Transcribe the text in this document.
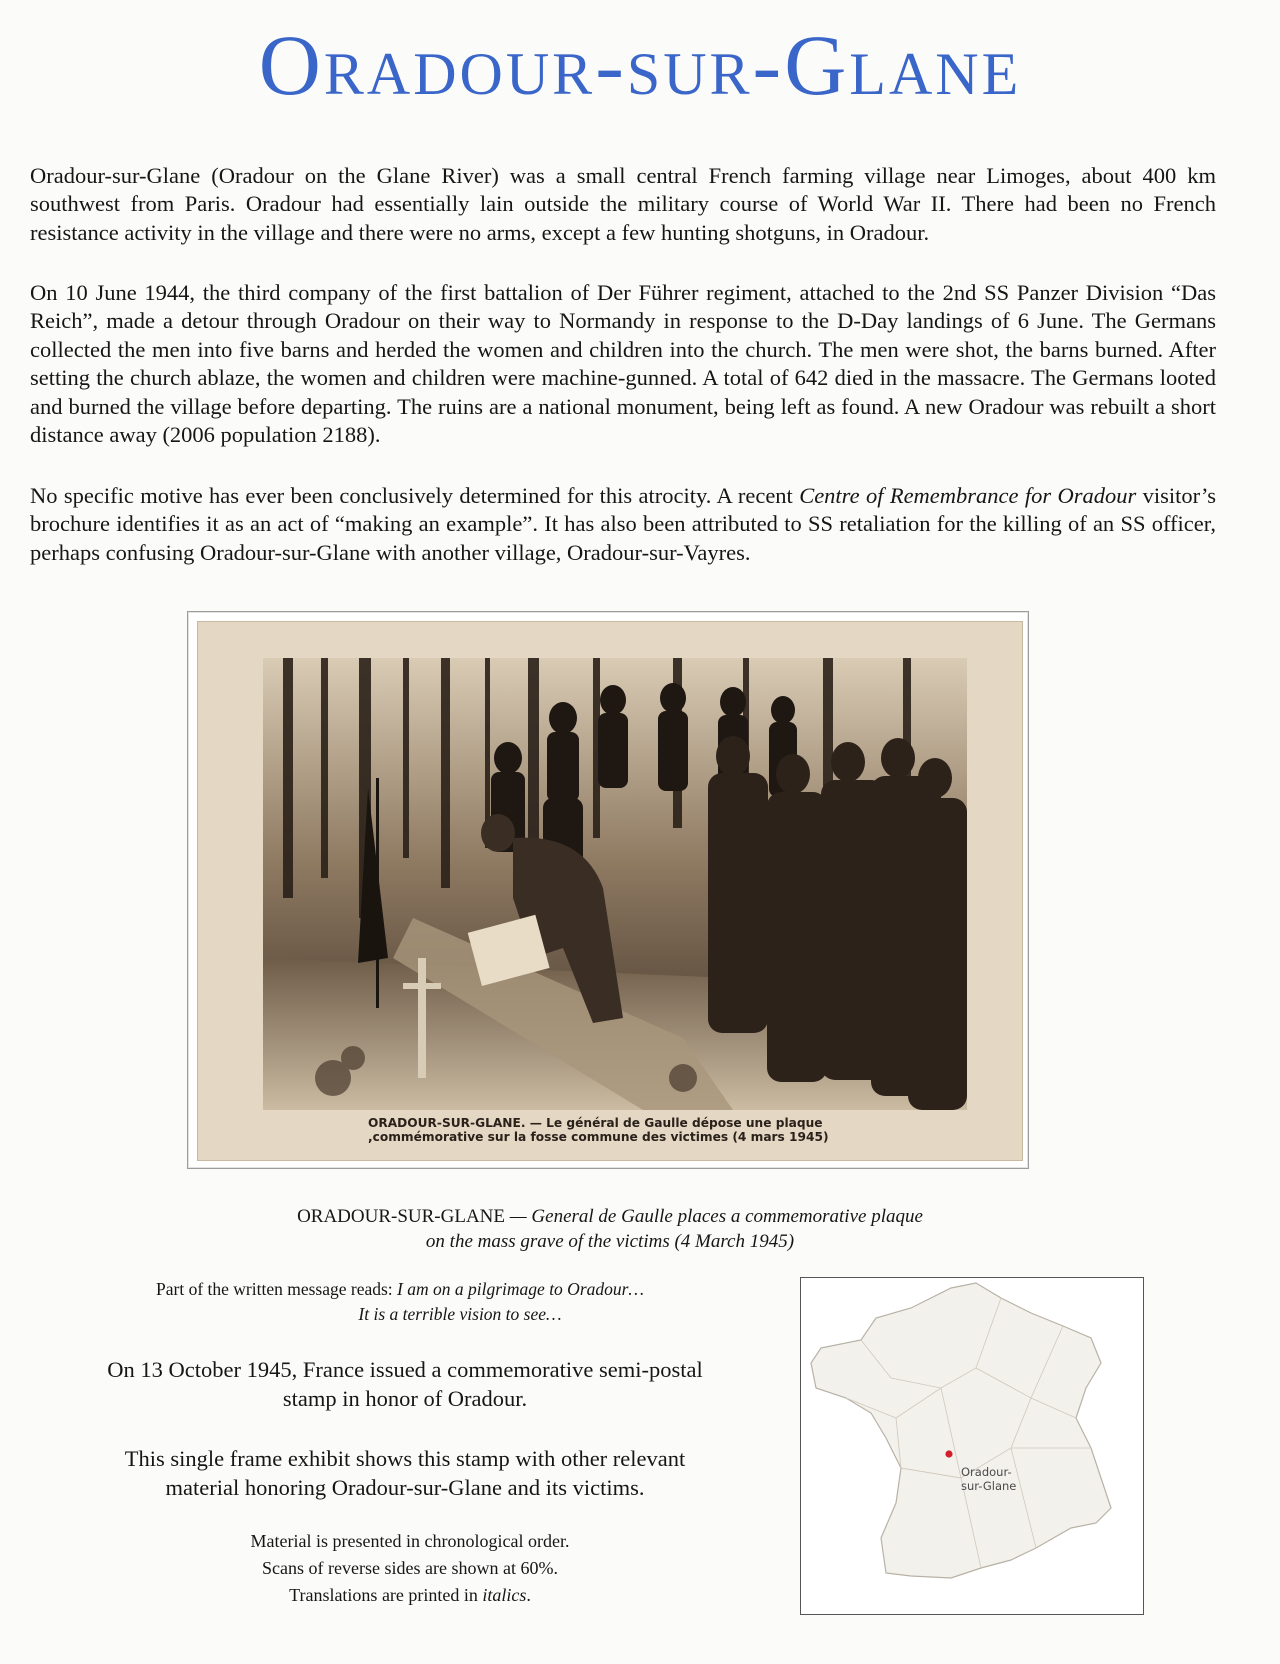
Oradour-sur-Glane

Oradour-sur-Glane (Oradour on the Glane River) was a small central French farming village near Limoges, about 400 km southwest from Paris. Oradour had essentially lain outside the military course of World War II. There had been no French resistance activity in the village and there were no arms, except a few hunting shotguns, in Oradour.

On 10 June 1944, the third company of the first battalion of Der Führer regiment, attached to the 2nd SS Panzer Division “Das Reich”, made a detour through Oradour on their way to Normandy in response to the D-Day landings of 6 June. The Germans collected the men into five barns and herded the women and children into the church. The men were shot, the barns burned. After setting the church ablaze, the women and children were machine-gunned. A total of 642 died in the massacre. The Germans looted and burned the village before departing. The ruins are a national monument, being left as found. A new Oradour was rebuilt a short distance away (2006 population 2188).

No specific motive has ever been conclusively determined for this atrocity. A recent Centre of Remembrance for Oradour visitor’s brochure identifies it as an act of “making an example”. It has also been attributed to SS retaliation for the killing of an SS officer, perhaps confusing Oradour-sur-Glane with another village, Oradour-sur-Vayres.

ORADOUR-SUR-GLANE. — Le général de Gaulle dépose une plaque
,commémorative sur la fosse commune des victimes (4 mars 1945)
ORADOUR-SUR-GLANE — General de Gaulle places a commemorative plaque
on the mass grave of the victims (4 March 1945)
Part of the written message reads: I am on a pilgrimage to Oradour…
It is a terrible vision to see…
On 13 October 1945, France issued a commemorative semi-postal stamp in honor of Oradour.
This single frame exhibit shows this stamp with other relevant material honoring Oradour-sur-Glane and its victims.
Material is presented in chronological order.
Scans of reverse sides are shown at 60%.
Translations are printed in italics.
Oradour-
sur-Glane
